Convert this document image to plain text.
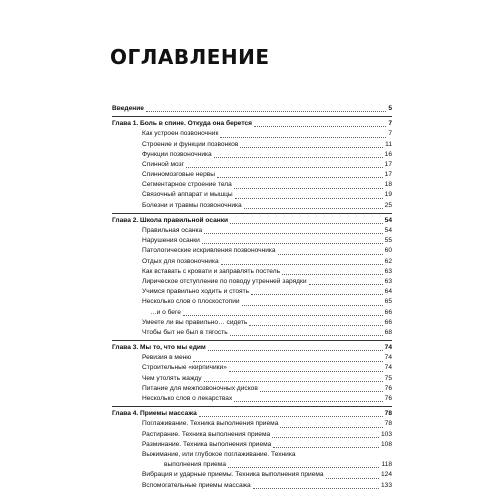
ОГЛАВЛЕНИЕ
Введение	5
Глава 1. Боль в спине. Откуда она берется	7
Как устроен позвоночник	7
Строение и функции позвонков	11
Функции позвоночника	16
Спинной мозг	17
Спинномозговые нервы	17
Сегментарное строение тела	18
Связочный аппарат и мышцы	19
Болезни и травмы позвоночника	25
Глава 2. Школа правильной осанки	54
Правильная осанка	54
Нарушения осанки	55
Патологические искривления позвоночника	60
Отдых для позвоночника	62
Как вставать с кровати и заправлять постель	63
Лирическое отступление по поводу утренней зарядки	63
Учимся правильно ходить и стоять	64
Несколько слов о плоскостопии	65
…и о беге	66
Умеете ли вы правильно… сидеть	66
Чтобы быт не был в тягость	68
Глава 3. Мы то, что мы едим	74
Ревизия в меню	74
Строительные «кирпичики»	74
Чем утолять жажду	75
Питание для межпозвоночных дисков	76
Несколько слов о лекарствах	76
Глава 4. Приемы массажа	78
Поглаживание. Техника выполнения приема	78
Растирание. Техника выполнения приема	103
Разминание. Техника выполнения приема	108
Выжимание, или глубокое поглаживание. Техника
выполнения приема	118
Вибрация и ударные приемы. Техника выполнения приема	124
Вспомогательные приемы массажа	133
